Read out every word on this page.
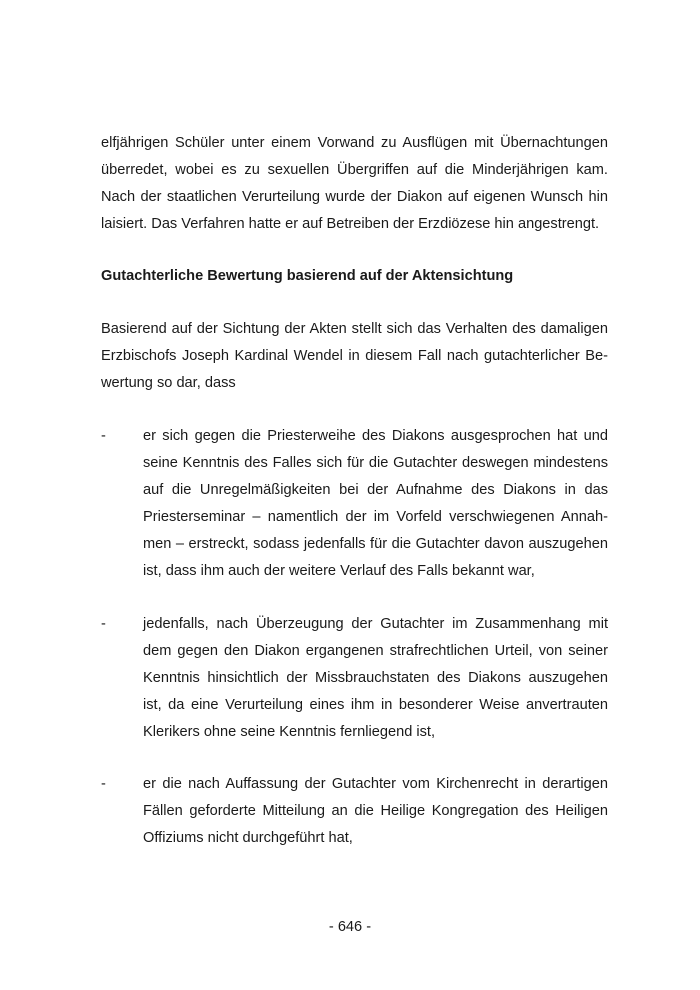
elfjährigen Schüler unter einem Vorwand zu Ausflügen mit Übernachtungen
überredet, wobei es zu sexuellen Übergriffen auf die Minderjährigen kam.
Nach der staatlichen Verurteilung wurde der Diakon auf eigenen Wunsch hin
laisiert. Das Verfahren hatte er auf Betreiben der Erzdiözese hin angestrengt.
Gutachterliche Bewertung basierend auf der Aktensichtung
Basierend auf der Sichtung der Akten stellt sich das Verhalten des damaligen
Erzbischofs Joseph Kardinal Wendel in diesem Fall nach gutachterlicher Be-
wertung so dar, dass
-	er sich gegen die Priesterweihe des Diakons ausgesprochen hat und
seine Kenntnis des Falles sich für die Gutachter deswegen mindestens
auf die Unregelmäßigkeiten bei der Aufnahme des Diakons in das
Priesterseminar – namentlich der im Vorfeld verschwiegenen Annah-
men – erstreckt, sodass jedenfalls für die Gutachter davon auszugehen
ist, dass ihm auch der weitere Verlauf des Falls bekannt war,
-	jedenfalls, nach Überzeugung der Gutachter im Zusammenhang mit
dem gegen den Diakon ergangenen strafrechtlichen Urteil, von seiner
Kenntnis hinsichtlich der Missbrauchstaten des Diakons auszugehen
ist, da eine Verurteilung eines ihm in besonderer Weise anvertrauten
Klerikers ohne seine Kenntnis fernliegend ist,
-	er die nach Auffassung der Gutachter vom Kirchenrecht in derartigen
Fällen geforderte Mitteilung an die Heilige Kongregation des Heiligen
Offiziums nicht durchgeführt hat,
- 646 -
